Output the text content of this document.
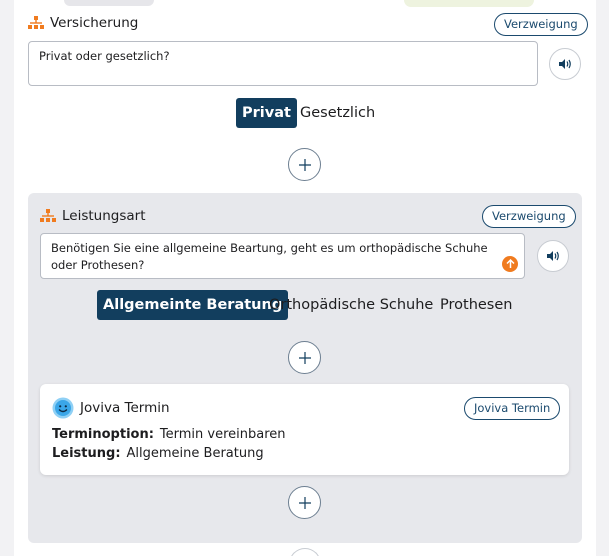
Versicherung	Verzweigung
Privat oder gesetzlich?
Privat Gesetzlich
Leistungsart	Verzweigung
Benötigen Sie eine allgemeine Beartung, geht es um orthopädische Schuhe oder Prothesen?
Allgemeinte Beratung
Orthopädische Schuhe Prothesen
Joviva Termin	Joviva Termin
Terminoption: Termin vereinbaren
Leistung: Allgemeine Beratung
